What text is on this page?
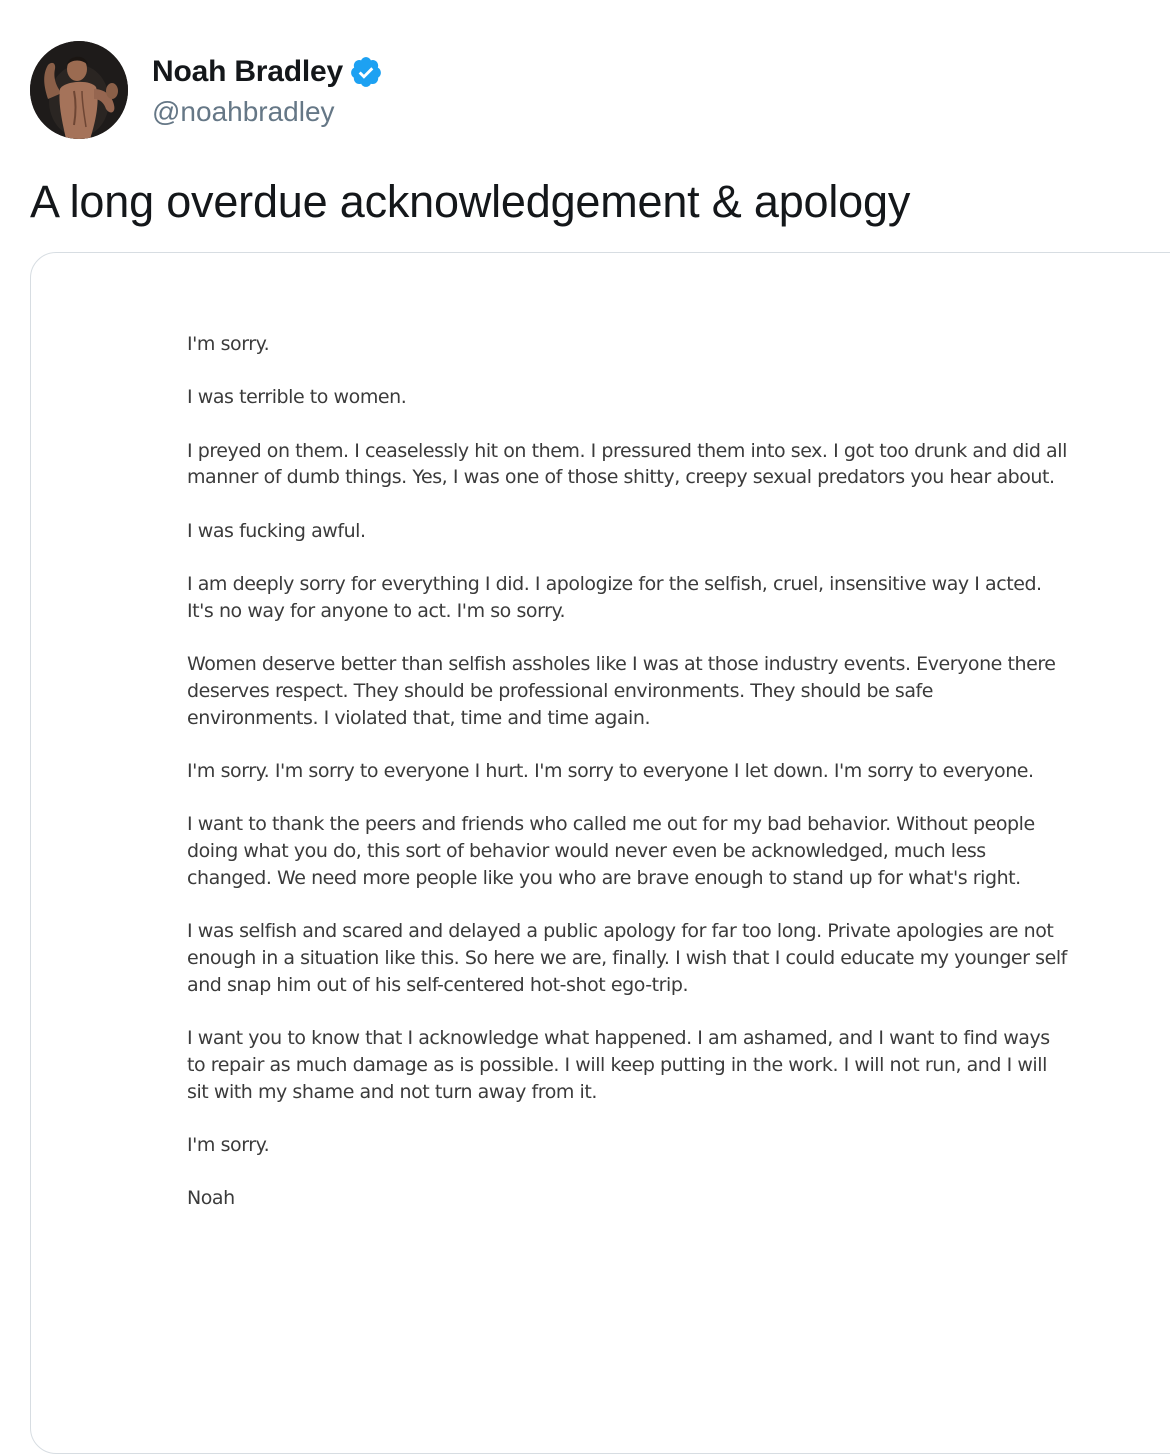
Noah Bradley
@noahbradley
A long overdue acknowledgement & apology

I'm sorry.

I was terrible to women.

I preyed on them. I ceaselessly hit on them. I pressured them into sex. I got too drunk and did all manner of dumb things. Yes, I was one of those shitty, creepy sexual predators you hear about.

I was fucking awful.

I am deeply sorry for everything I did. I apologize for the selfish, cruel, insensitive way I acted. It's no way for anyone to act. I'm so sorry.

Women deserve better than selfish assholes like I was at those industry events. Everyone there deserves respect. They should be professional environments. They should be safe environments. I violated that, time and time again.

I'm sorry. I'm sorry to everyone I hurt. I'm sorry to everyone I let down. I'm sorry to everyone.

I want to thank the peers and friends who called me out for my bad behavior. Without people doing what you do, this sort of behavior would never even be acknowledged, much less changed. We need more people like you who are brave enough to stand up for what's right.

I was selfish and scared and delayed a public apology for far too long. Private apologies are not enough in a situation like this. So here we are, finally. I wish that I could educate my younger self and snap him out of his self-centered hot-shot ego-trip.

I want you to know that I acknowledge what happened. I am ashamed, and I want to find ways to repair as much damage as is possible. I will keep putting in the work. I will not run, and I will sit with my shame and not turn away from it.

I'm sorry.

Noah
